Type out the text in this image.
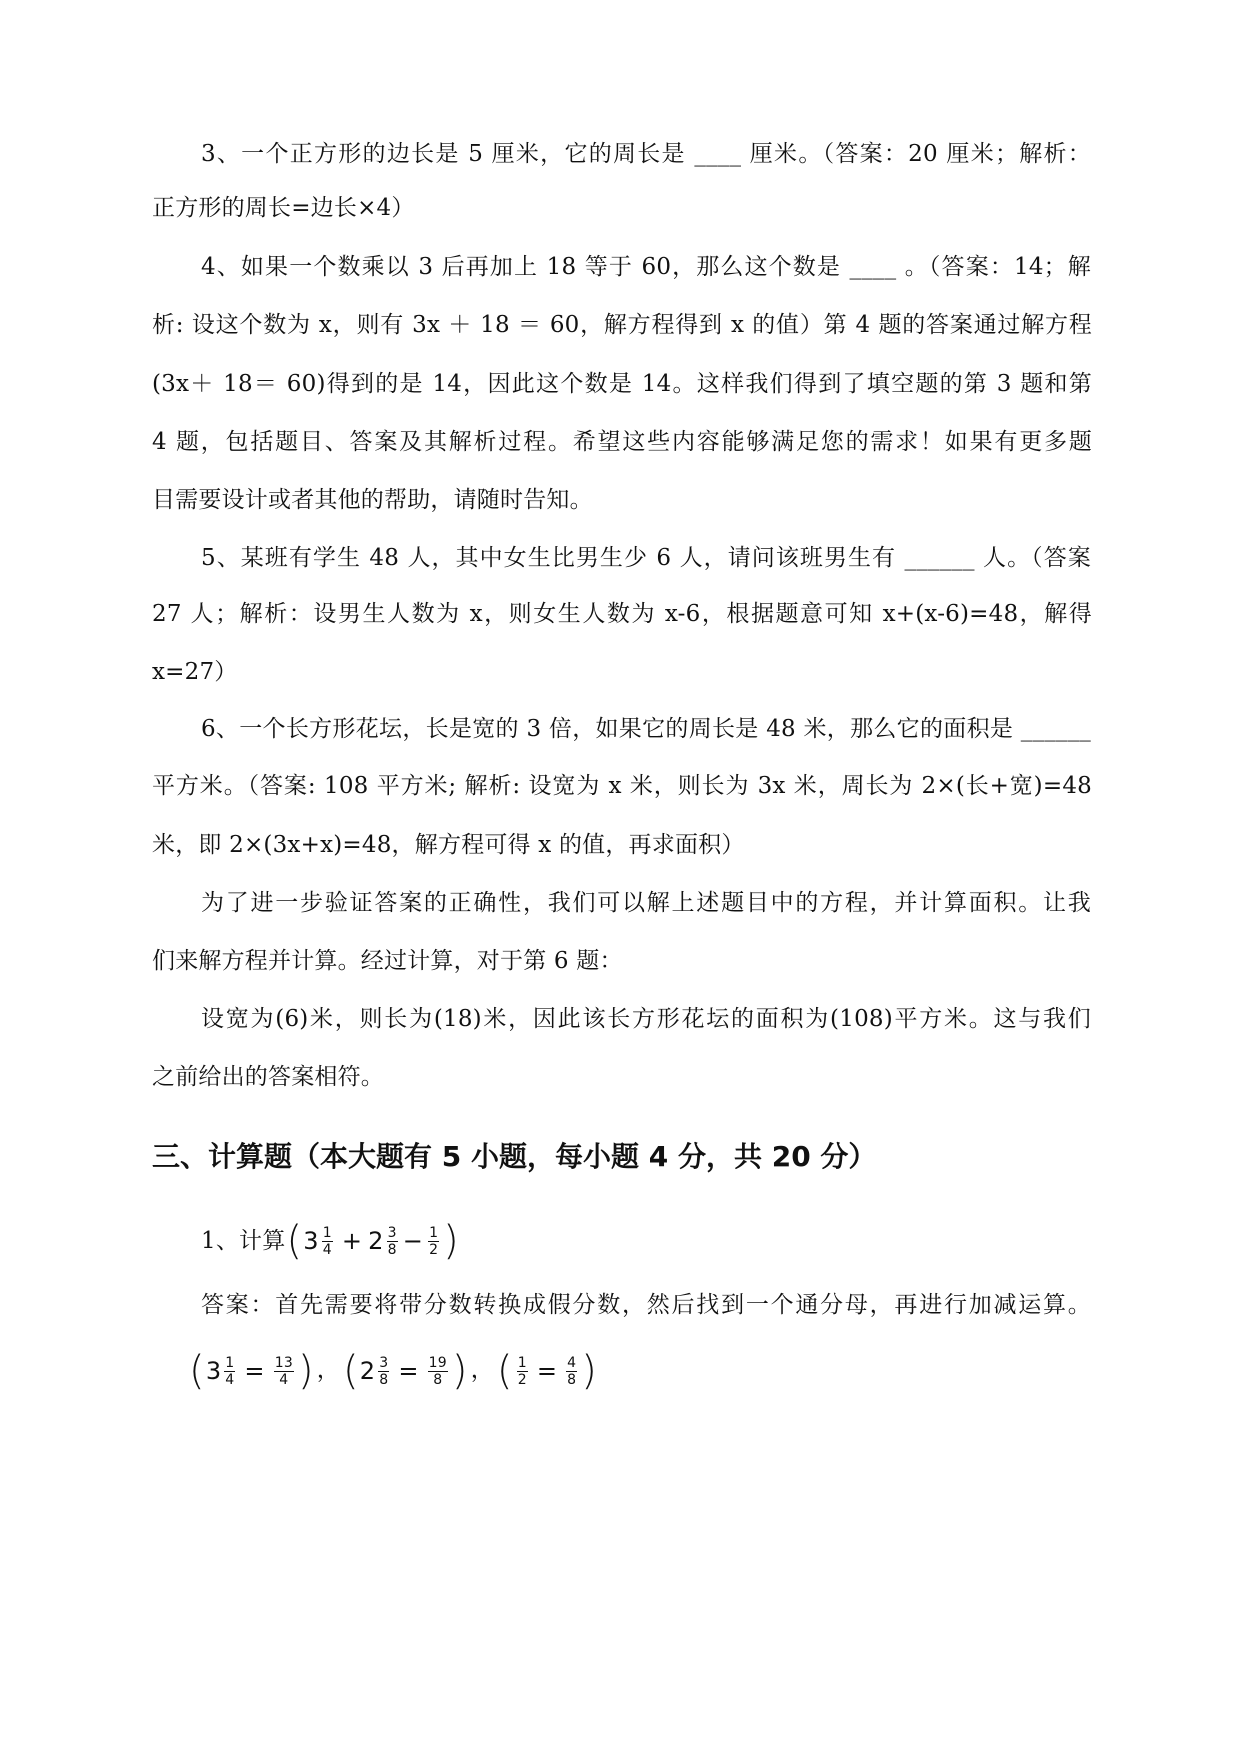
3、一个正方形的边长是 5 厘米，它的周长是 ____ 厘米。（答案：20 厘米；解析：
正方形的周长=边长×4）
4、如果一个数乘以 3 后再加上 18 等于 60，那么这个数是 ____ 。（答案：14；解
析: 设这个数为 x，则有 3x ＋ 18 ＝ 60，解方程得到 x 的值）第 4 题的答案通过解方程
(3x＋ 18＝ 60)得到的是 14，因此这个数是 14。这样我们得到了填空题的第 3 题和第
4 题，包括题目、答案及其解析过程。希望这些内容能够满足您的需求！如果有更多题
目需要设计或者其他的帮助，请随时告知。
5、某班有学生 48 人，其中女生比男生少 6 人，请问该班男生有 ______ 人。（答案
27 人；解析：设男生人数为 x，则女生人数为 x-6，根据题意可知 x+(x-6)=48，解得
x=27）
6、一个长方形花坛，长是宽的 3 倍，如果它的周长是 48 米，那么它的面积是 ______
平方米。（答案: 108 平方米; 解析: 设宽为 x 米，则长为 3x 米，周长为 2×(长+宽)=48
米，即 2×(3x+x)=48，解方程可得 x 的值，再求面积）
为了进一步验证答案的正确性，我们可以解上述题目中的方程，并计算面积。让我
们来解方程并计算。经过计算，对于第 6 题：
设宽为(6)米，则长为(18)米，因此该长方形花坛的面积为(108)平方米。这与我们
之前给出的答案相符。
三、计算题（本大题有 5 小题，每小题 4 分，共 20 分）
1、计算 ( $3 \frac{1}{4} + 2 \frac{3}{8} - \frac{1}{2}$ )
答案：首先需要将带分数转换成假分数，然后找到一个通分母，再进行加减运算。
( $3 \frac{1}{4} = \frac{13}{4}$ ) ， ( $2 \frac{3}{8} = \frac{19}{8}$ ) ， ( $\frac{1}{2} = \frac{4}{8}$ )
